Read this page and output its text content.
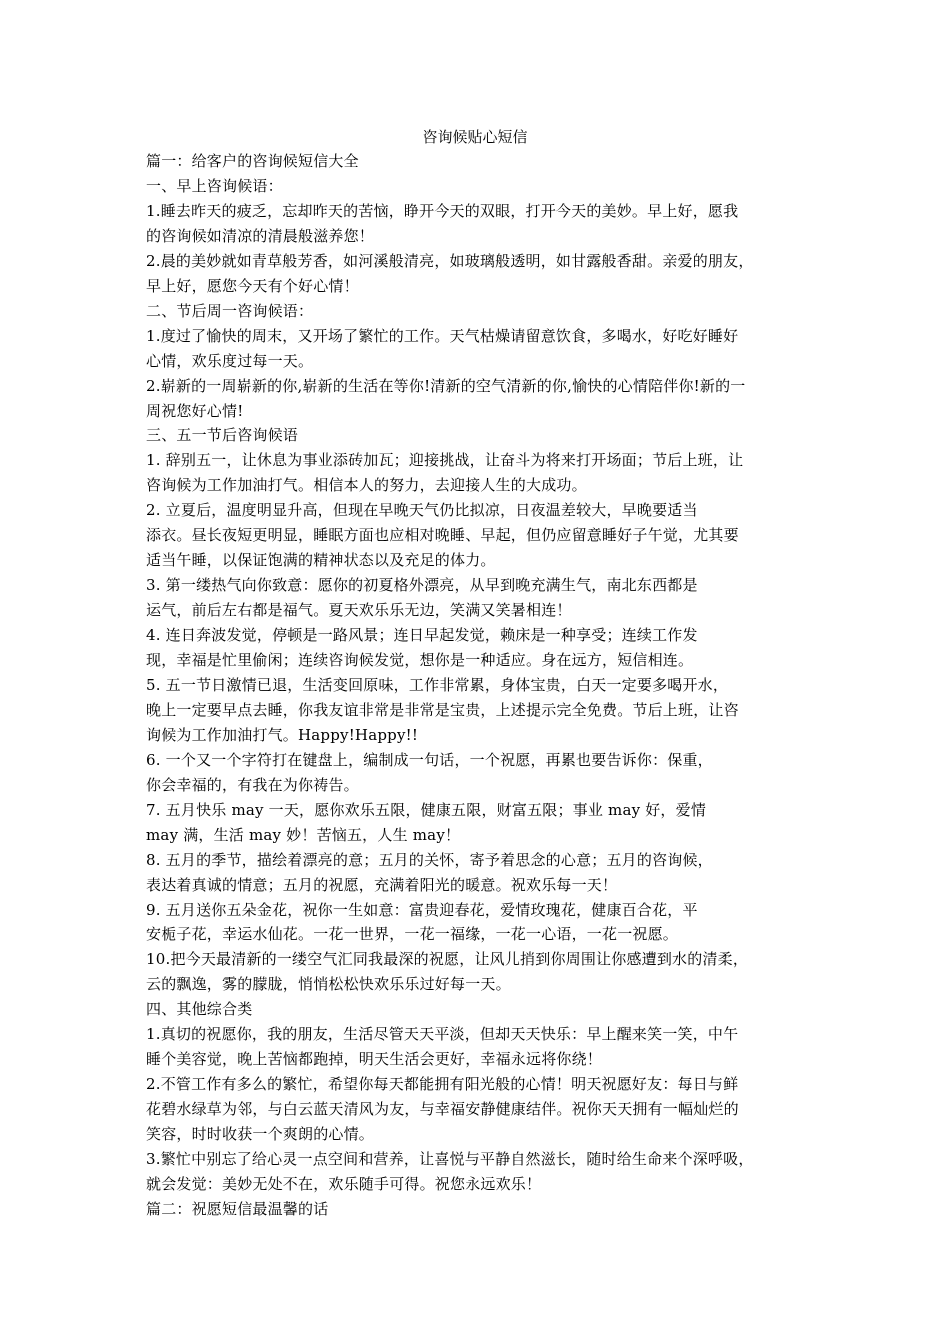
咨询候贴心短信
篇一：给客户的咨询候短信大全
一、早上咨询候语：
1.睡去昨天的疲乏，忘却昨天的苦恼，睁开今天的双眼，打开今天的美妙。早上好，愿我
的咨询候如清凉的清晨般滋养您！
2.晨的美妙就如青草般芳香，如河溪般清亮，如玻璃般透明，如甘露般香甜。亲爱的朋友，
早上好，愿您今天有个好心情！
二、节后周一咨询候语：
1.度过了愉快的周末，又开场了繁忙的工作。天气枯燥请留意饮食，多喝水，好吃好睡好
心情，欢乐度过每一天。
2.崭新的一周崭新的你,崭新的生活在等你!清新的空气清新的你,愉快的心情陪伴你!新的一
周祝您好心情!
三、五一节后咨询候语
1. 辞别五一，让休息为事业添砖加瓦；迎接挑战，让奋斗为将来打开场面；节后上班，让
咨询候为工作加油打气。相信本人的努力，去迎接人生的大成功。
2. 立夏后，温度明显升高，但现在早晚天气仍比拟凉，日夜温差较大，早晚要适当
添衣。昼长夜短更明显，睡眠方面也应相对晚睡、早起，但仍应留意睡好子午觉，尤其要
适当午睡，以保证饱满的精神状态以及充足的体力。
3. 第一缕热气向你致意：愿你的初夏格外漂亮，从早到晚充满生气，南北东西都是
运气，前后左右都是福气。夏天欢乐乐无边，笑满又笑暑相连！
4. 连日奔波发觉，停顿是一路风景；连日早起发觉，赖床是一种享受；连续工作发
现，幸福是忙里偷闲；连续咨询候发觉，想你是一种适应。身在远方，短信相连。
5. 五一节日激情已退，生活变回原味，工作非常累，身体宝贵，白天一定要多喝开水，
晚上一定要早点去睡，你我友谊非常是非常是宝贵，上述提示完全免费。节后上班，让咨
询候为工作加油打气。Happy!Happy!!
6. 一个又一个字符打在键盘上，编制成一句话，一个祝愿，再累也要告诉你：保重，
你会幸福的，有我在为你祷告。
7. 五月快乐 may 一天，愿你欢乐五限，健康五限，财富五限；事业 may 好，爱情
may 满，生活 may 妙！苦恼五，人生 may！
8. 五月的季节，描绘着漂亮的意；五月的关怀，寄予着思念的心意；五月的咨询候，
表达着真诚的情意；五月的祝愿，充满着阳光的暖意。祝欢乐每一天！
9. 五月送你五朵金花，祝你一生如意：富贵迎春花，爱情玫瑰花，健康百合花，平
安栀子花，幸运水仙花。一花一世界，一花一福缘，一花一心语，一花一祝愿。
10.把今天最清新的一缕空气汇同我最深的祝愿，让风儿捎到你周围让你感遭到水的清柔，
云的飘逸，雾的朦胧，悄悄松松快欢乐乐过好每一天。
四、其他综合类
1.真切的祝愿你，我的朋友，生活尽管天天平淡，但却天天快乐：早上醒来笑一笑，中午
睡个美容觉，晚上苦恼都跑掉，明天生活会更好，幸福永远将你绕！
2.不管工作有多么的繁忙，希望你每天都能拥有阳光般的心情！明天祝愿好友：每日与鲜
花碧水绿草为邻，与白云蓝天清风为友，与幸福安静健康结伴。祝你天天拥有一幅灿烂的
笑容，时时收获一个爽朗的心情。
3.繁忙中别忘了给心灵一点空间和营养，让喜悦与平静自然滋长，随时给生命来个深呼吸，
就会发觉：美妙无处不在，欢乐随手可得。祝您永远欢乐！
篇二：祝愿短信最温馨的话
